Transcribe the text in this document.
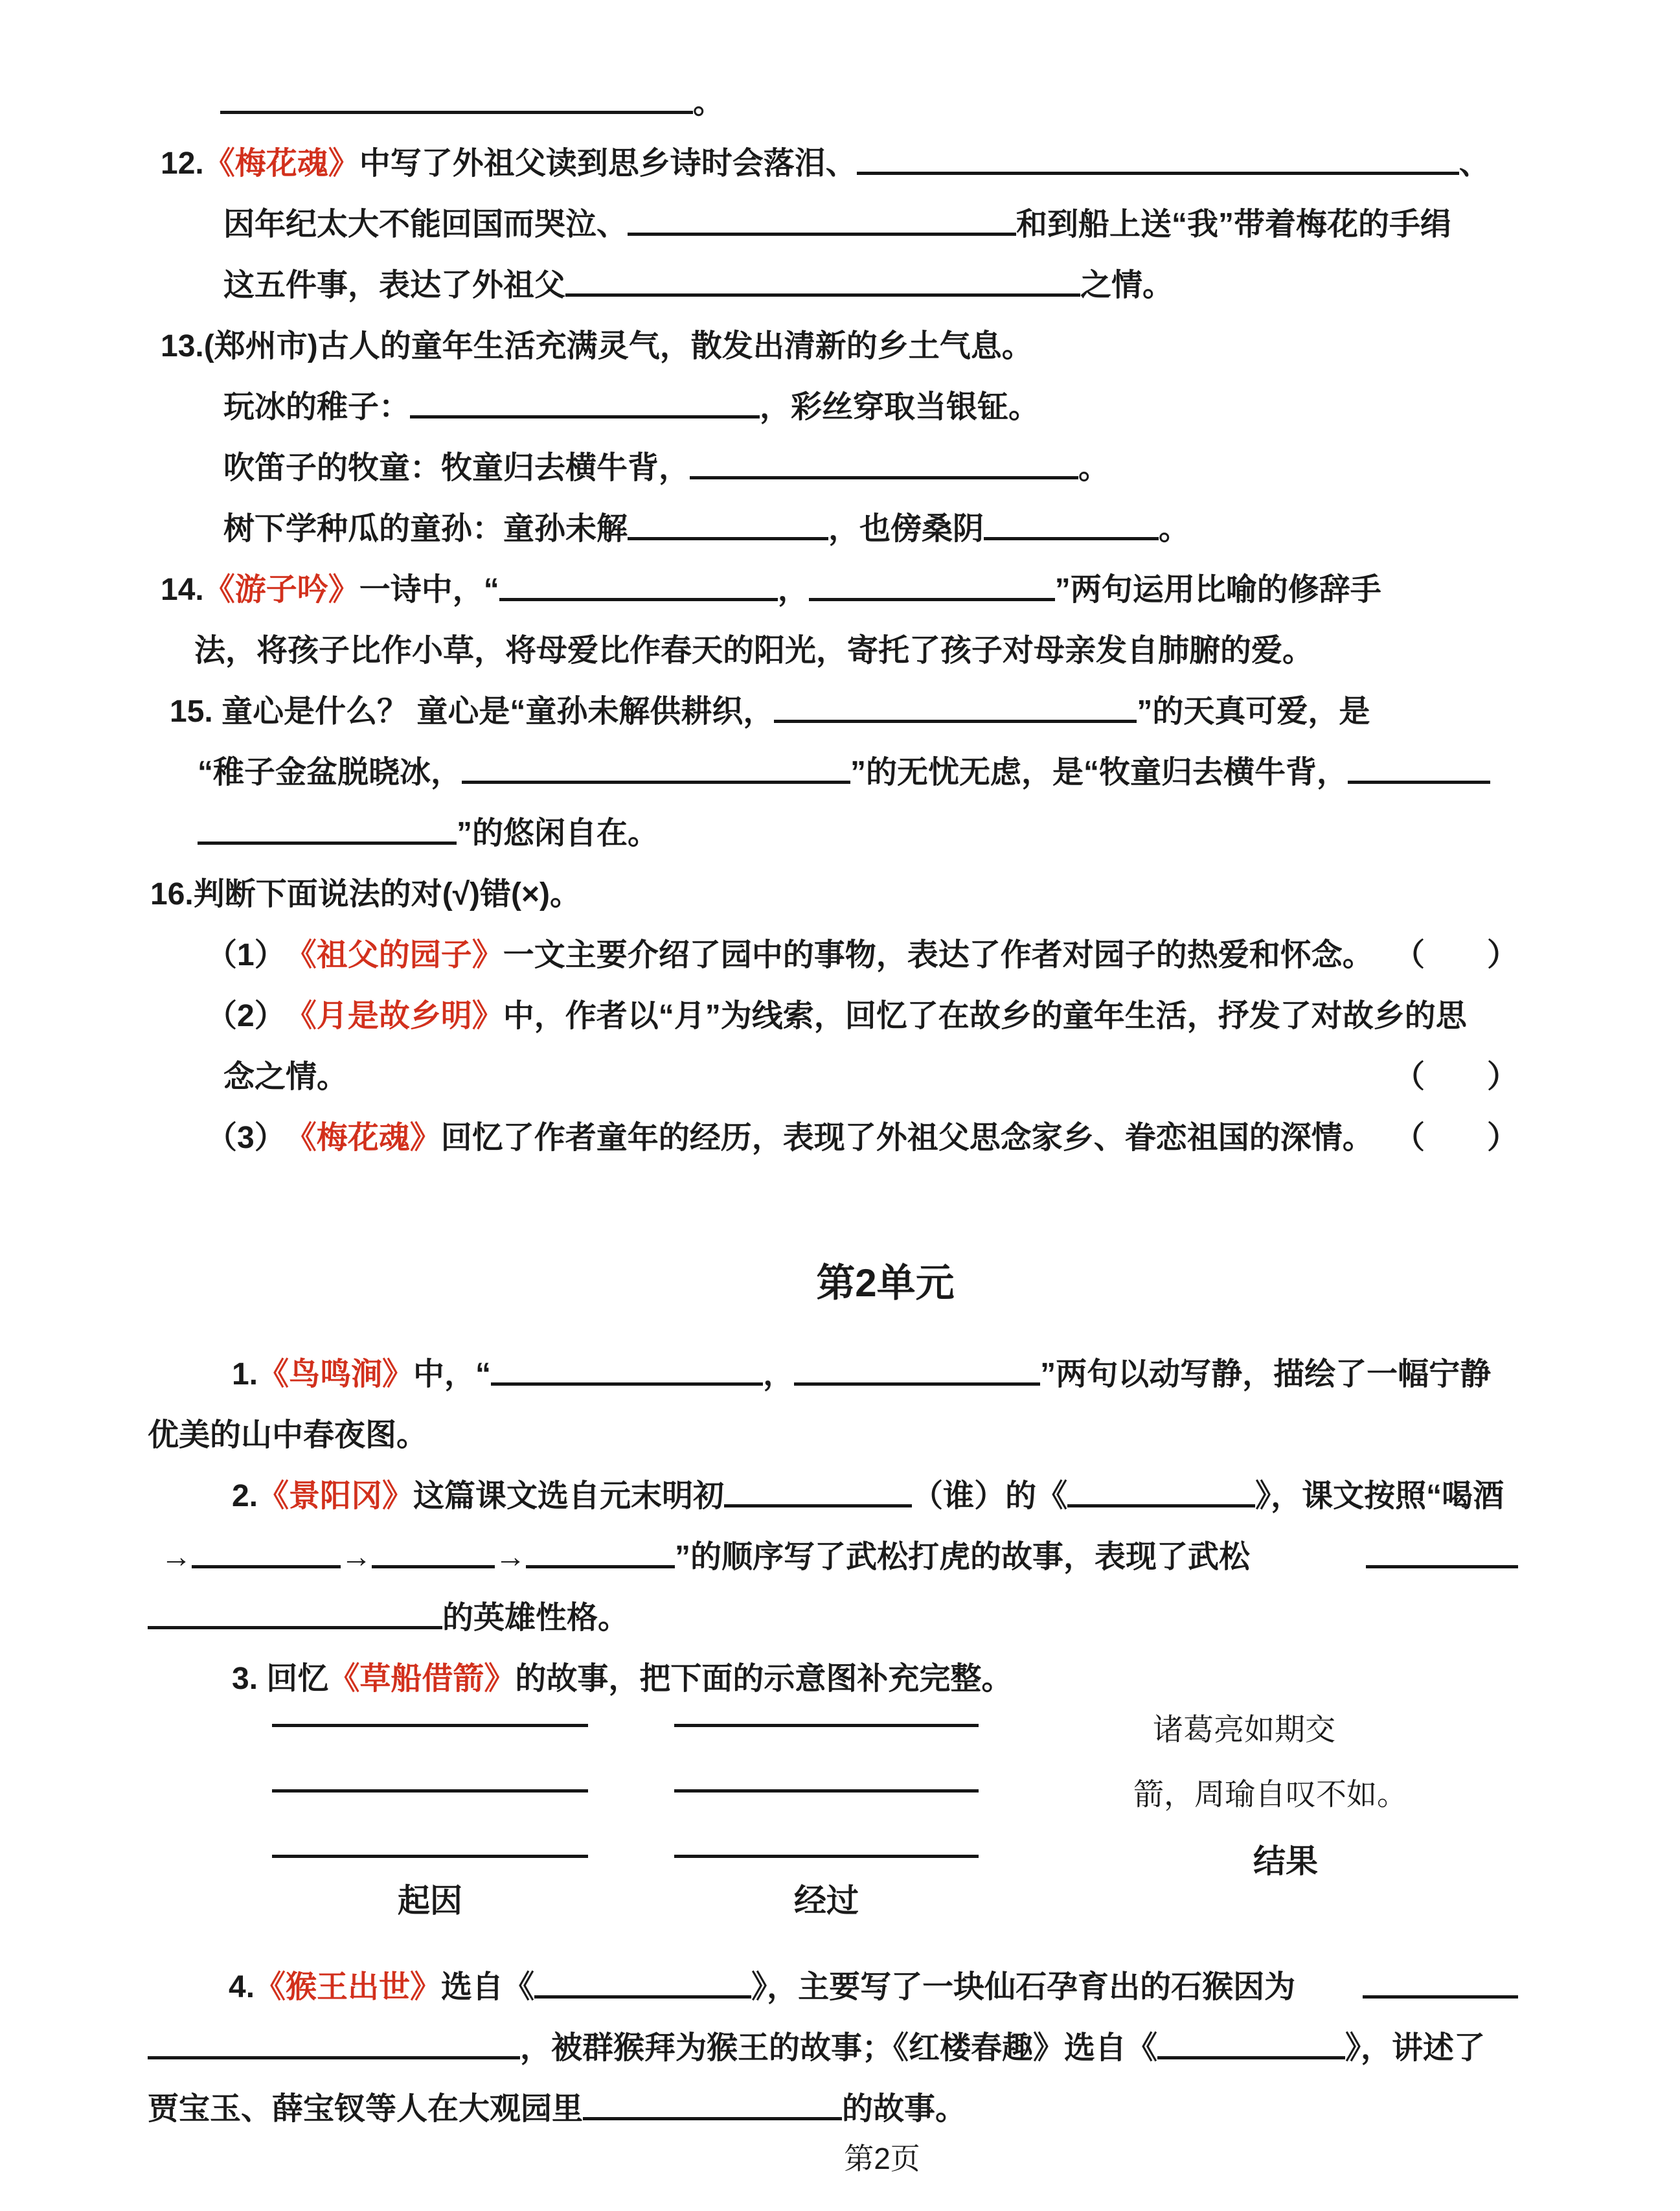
。
12. 《梅花魂》 中写了外祖父读到思乡诗时会落泪、	、
因年纪太大不能回国而哭泣、	和到船上送“我”带着梅花的手绢
这五件事，表达了外祖父	之情。
13.(郑州市)古人的童年生活充满灵气，散发出清新的乡土气息。
玩冰的稚子：	，彩丝穿取当银钲。
吹笛子的牧童：牧童归去横牛背，	。
树下学种瓜的童孙：童孙未解	，也傍桑阴	。
14. 《游子吟》 一诗中，“	，	”两句运用比喻的修辞手
法，将孩子比作小草，将母爱比作春天的阳光，寄托了孩子对母亲发自肺腑的爱。
15. 童心是什么？ 童心是“童孙未解供耕织，	”的天真可爱，是
“稚子金盆脱晓冰，	”的无忧无虑，是“牧童归去横牛背，
”的悠闲自在。
16.判断下面说法的对(√)错(×)。
（1） 《祖父的园子》 一文主要介绍了园中的事物，表达了作者对园子的热爱和怀念。 （　　）
（2） 《月是故乡明》 中，作者以“月”为线索，回忆了在故乡的童年生活，抒发了对故乡的思
念之情。	（　　）
（3） 《梅花魂》 回忆了作者童年的经历，表现了外祖父思念家乡、眷恋祖国的深情。 （　　）
第2单元
1. 《鸟鸣涧》 中，“	，	”两句以动写静，描绘了一幅宁静
优美的山中春夜图。
2. 《景阳冈》 这篇课文选自元末明初	（谁）的《	》，课文按照“喝酒
→	→	→	”的顺序写了武松打虎的故事，表现了武松
的英雄性格。
3. 回忆 《草船借箭》 的故事，把下面的示意图补充完整。
起因	经过
诸葛亮如期交
箭，周瑜自叹不如。
结果
4. 《猴王出世》 选自《	》，主要写了一块仙石孕育出的石猴因为
，被群猴拜为猴王的故事；《红楼春趣》选自《	》，讲述了
贾宝玉、薛宝钗等人在大观园里	的故事。
第2页
